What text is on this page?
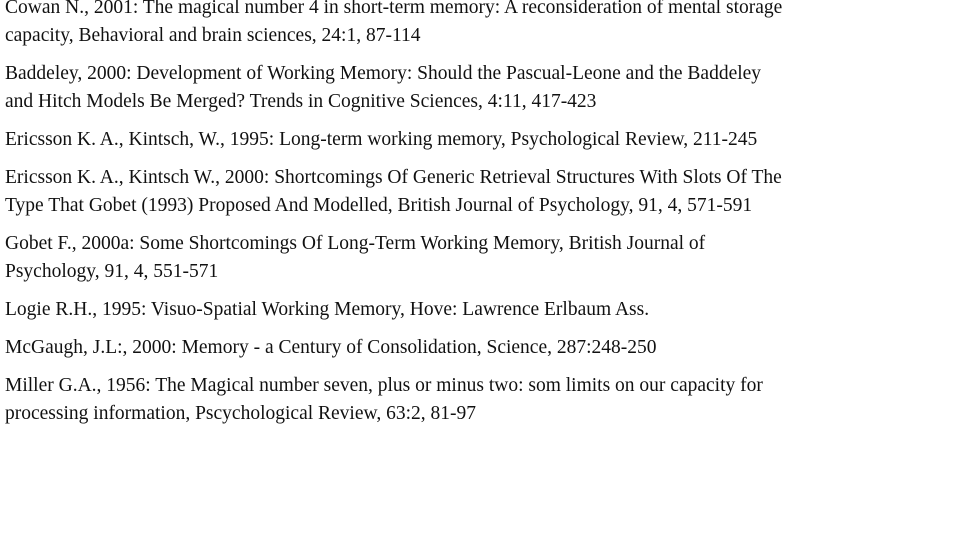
Cowan N., 2001: The magical number 4 in short-term memory: A reconsideration of mental storage
capacity, Behavioral and brain sciences, 24:1, 87-114

Baddeley, 2000: Development of Working Memory: Should the Pascual-Leone and the Baddeley
and Hitch Models Be Merged? Trends in Cognitive Sciences, 4:11, 417-423

Ericsson K. A., Kintsch, W., 1995: Long-term working memory, Psychological Review, 211-245

Ericsson K. A., Kintsch W., 2000: Shortcomings Of Generic Retrieval Structures With Slots Of The
Type That Gobet (1993) Proposed And Modelled, British Journal of Psychology, 91, 4, 571-591

Gobet F., 2000a: Some Shortcomings Of Long-Term Working Memory, British Journal of
Psychology, 91, 4, 551-571

Logie R.H., 1995: Visuo-Spatial Working Memory, Hove: Lawrence Erlbaum Ass.

McGaugh, J.L:, 2000: Memory - a Century of Consolidation, Science, 287:248-250

Miller G.A., 1956: The Magical number seven, plus or minus two: som limits on our capacity for
processing information, Pscychological Review, 63:2, 81-97
